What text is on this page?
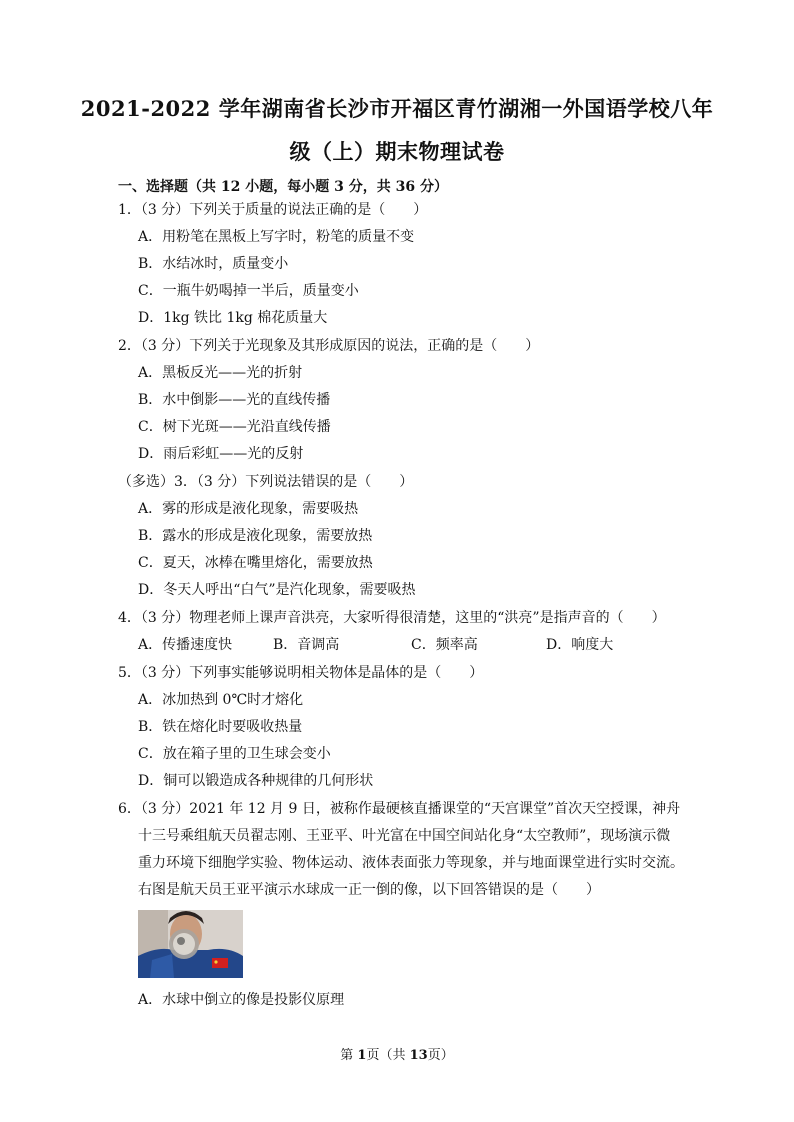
2021-2022 学年湖南省长沙市开福区青竹湖湘一外国语学校八年
级（上）期末物理试卷
一、选择题（共 12 小题，每小题 3 分，共 36 分）
1．（3 分）下列关于质量的说法正确的是（　　）
A．用粉笔在黑板上写字时，粉笔的质量不变
B．水结冰时，质量变小
C．一瓶牛奶喝掉一半后，质量变小
D．1kg 铁比 1kg 棉花质量大
2．（3 分）下列关于光现象及其形成原因的说法，正确的是（　　）
A．黑板反光——光的折射
B．水中倒影——光的直线传播
C．树下光斑——光沿直线传播
D．雨后彩虹——光的反射
（多选）3．（3 分）下列说法错误的是（　　）
A．雾的形成是液化现象，需要吸热
B．露水的形成是液化现象，需要放热
C．夏天，冰棒在嘴里熔化，需要放热
D．冬天人呼出“白气”是汽化现象，需要吸热
4．（3 分）物理老师上课声音洪亮，大家听得很清楚，这里的“洪亮”是指声音的（　　）
A．传播速度快	B．音调高	C．频率高	D．响度大
5．（3 分）下列事实能够说明相关物体是晶体的是（　　）
A．冰加热到 0℃时才熔化
B．铁在熔化时要吸收热量
C．放在箱子里的卫生球会变小
D．铜可以锻造成各种规律的几何形状
6．（3 分）2021 年 12 月 9 日，被称作最硬核直播课堂的“天宫课堂”首次天空授课，神舟
十三号乘组航天员翟志刚、王亚平、叶光富在中国空间站化身“太空教师”，现场演示微
重力环境下细胞学实验、物体运动、液体表面张力等现象，并与地面课堂进行实时交流。
右图是航天员王亚平演示水球成一正一倒的像，以下回答错误的是（　　）
A．水球中倒立的像是投影仪原理
第 1页（共 13页）
